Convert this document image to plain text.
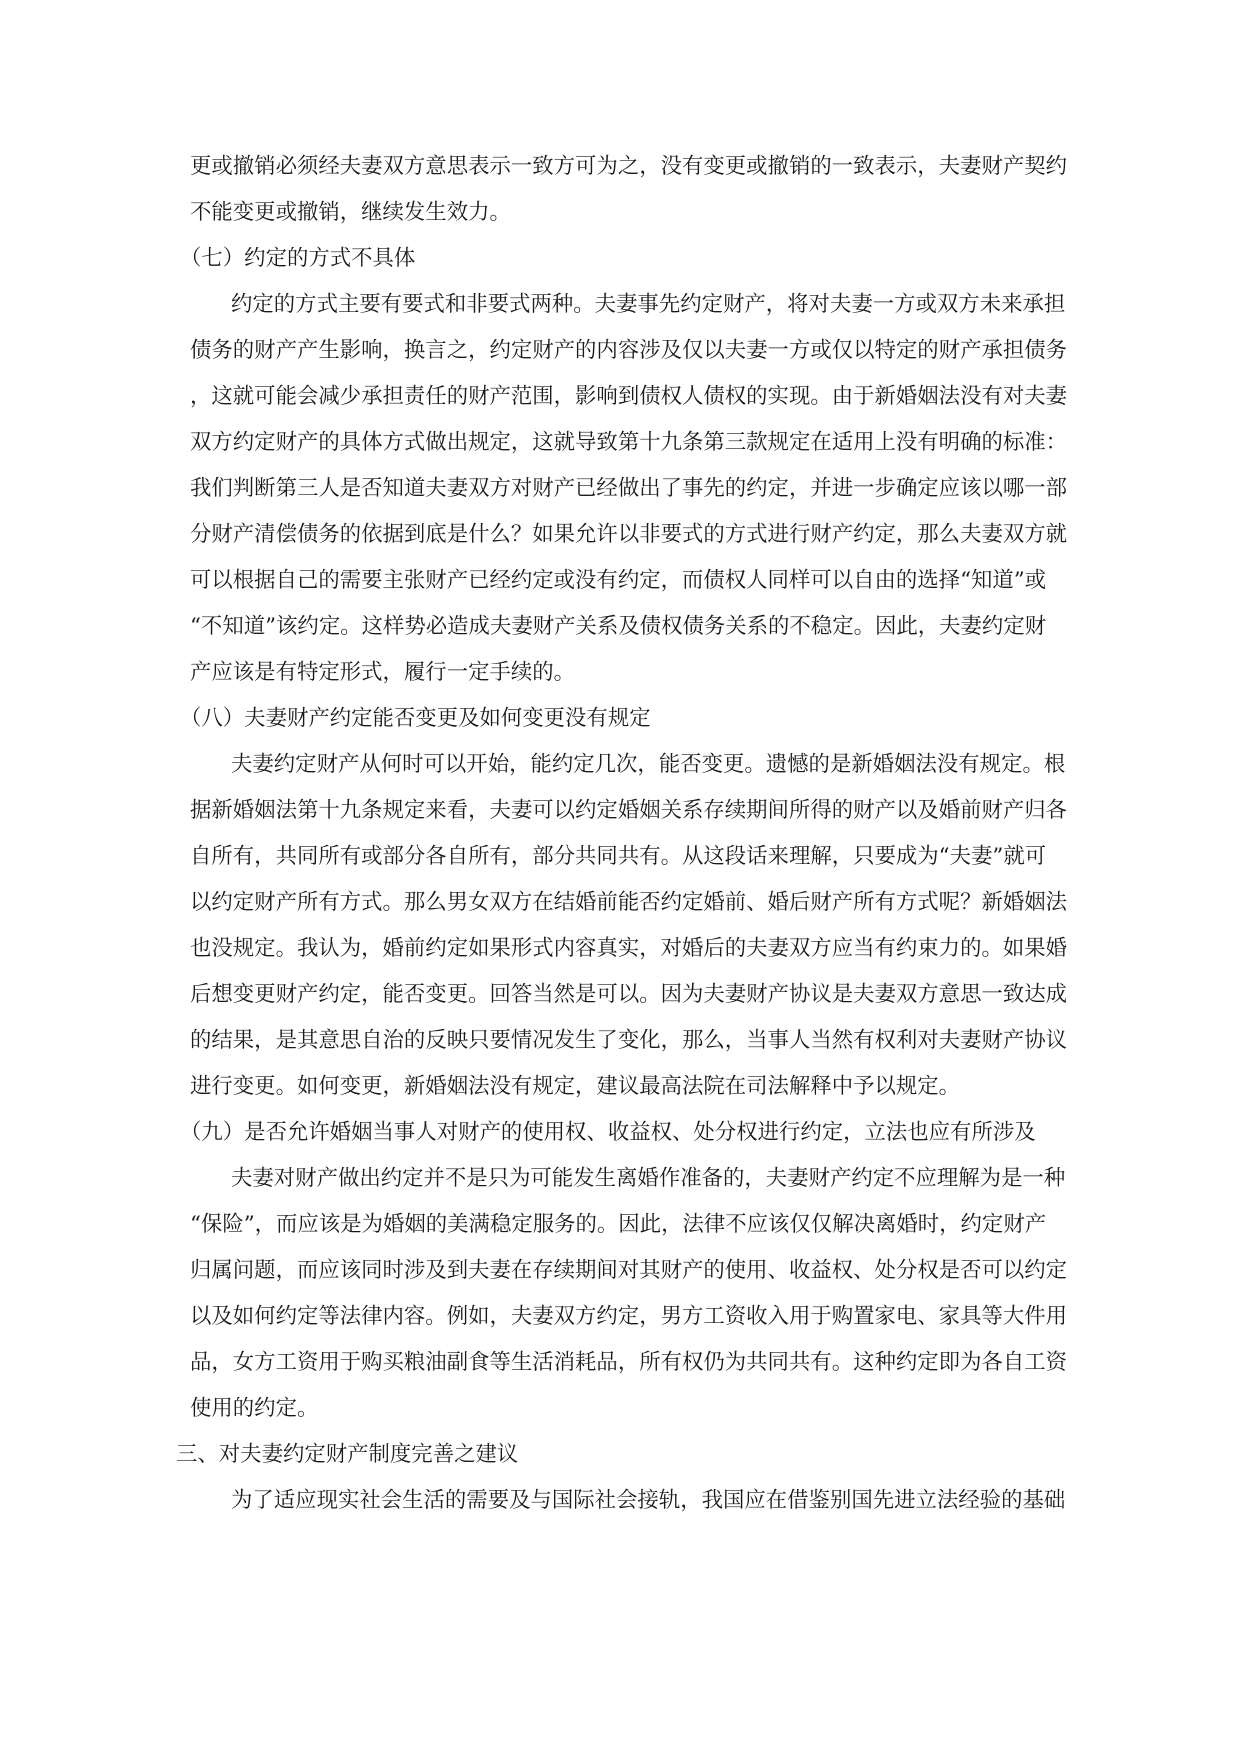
更或撤销必须经夫妻双方意思表示一致方可为之，没有变更或撤销的一致表示，夫妻财产契约

不能变更或撤销，继续发生效力。

（七）约定的方式不具体

约定的方式主要有要式和非要式两种。夫妻事先约定财产，将对夫妻一方或双方未来承担

债务的财产产生影响，换言之，约定财产的内容涉及仅以夫妻一方或仅以特定的财产承担债务

，这就可能会减少承担责任的财产范围，影响到债权人债权的实现。由于新婚姻法没有对夫妻

双方约定财产的具体方式做出规定，这就导致第十九条第三款规定在适用上没有明确的标准：

我们判断第三人是否知道夫妻双方对财产已经做出了事先的约定，并进一步确定应该以哪一部

分财产清偿债务的依据到底是什么？如果允许以非要式的方式进行财产约定，那么夫妻双方就

可以根据自己的需要主张财产已经约定或没有约定，而债权人同样可以自由的选择“知道”或

“不知道”该约定。这样势必造成夫妻财产关系及债权债务关系的不稳定。因此，夫妻约定财

产应该是有特定形式，履行一定手续的。

（八）夫妻财产约定能否变更及如何变更没有规定

夫妻约定财产从何时可以开始，能约定几次，能否变更。遗憾的是新婚姻法没有规定。根

据新婚姻法第十九条规定来看，夫妻可以约定婚姻关系存续期间所得的财产以及婚前财产归各

自所有，共同所有或部分各自所有，部分共同共有。从这段话来理解，只要成为“夫妻”就可

以约定财产所有方式。那么男女双方在结婚前能否约定婚前、婚后财产所有方式呢？新婚姻法

也没规定。我认为，婚前约定如果形式内容真实，对婚后的夫妻双方应当有约束力的。如果婚

后想变更财产约定，能否变更。回答当然是可以。因为夫妻财产协议是夫妻双方意思一致达成

的结果，是其意思自治的反映只要情况发生了变化，那么，当事人当然有权利对夫妻财产协议

进行变更。如何变更，新婚姻法没有规定，建议最高法院在司法解释中予以规定。

（九）是否允许婚姻当事人对财产的使用权、收益权、处分权进行约定，立法也应有所涉及

夫妻对财产做出约定并不是只为可能发生离婚作准备的，夫妻财产约定不应理解为是一种

“保险”，而应该是为婚姻的美满稳定服务的。因此，法律不应该仅仅解决离婚时，约定财产

归属问题，而应该同时涉及到夫妻在存续期间对其财产的使用、收益权、处分权是否可以约定

以及如何约定等法律内容。例如，夫妻双方约定，男方工资收入用于购置家电、家具等大件用

品，女方工资用于购买粮油副食等生活消耗品，所有权仍为共同共有。这种约定即为各自工资

使用的约定。

三、对夫妻约定财产制度完善之建议

为了适应现实社会生活的需要及与国际社会接轨，我国应在借鉴别国先进立法经验的基础
